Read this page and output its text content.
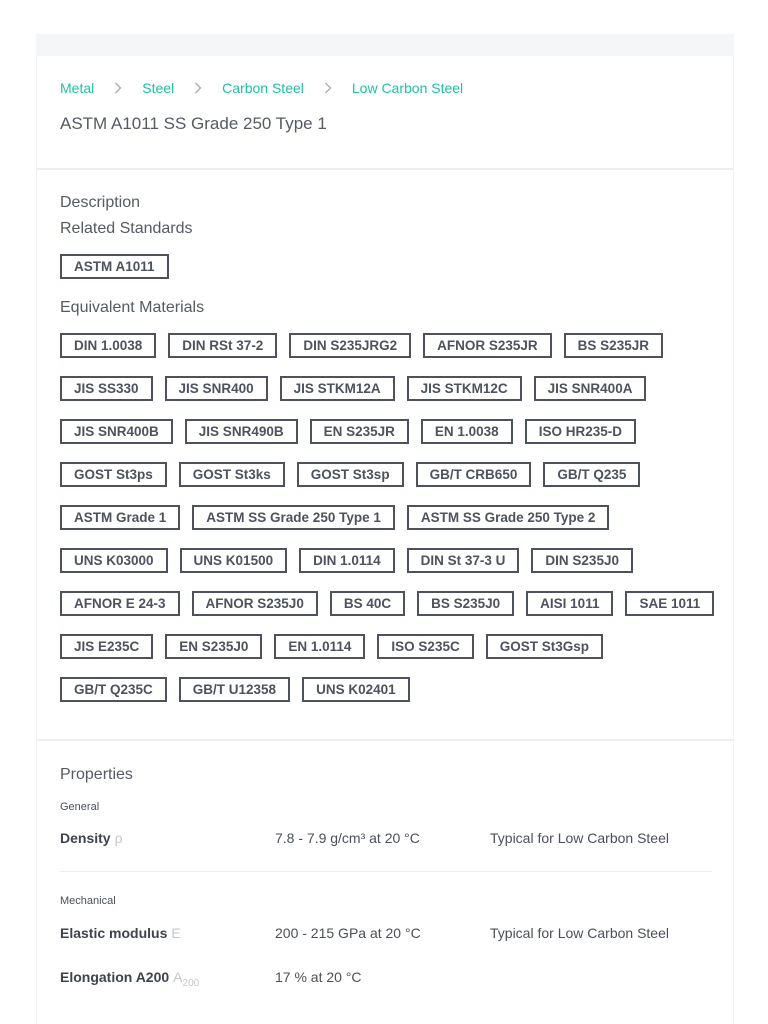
Metal	Steel	Carbon Steel	Low Carbon Steel
ASTM A1011 SS Grade 250 Type 1
Description
Related Standards
ASTM A1011
Equivalent Materials
DIN 1.0038	DIN RSt 37-2	DIN S235JRG2	AFNOR S235JR	BS S235JR
JIS SS330	JIS SNR400	JIS STKM12A	JIS STKM12C	JIS SNR400A
JIS SNR400B	JIS SNR490B	EN S235JR	EN 1.0038	ISO HR235-D
GOST St3ps	GOST St3ks	GOST St3sp	GB/T CRB650	GB/T Q235
ASTM Grade 1	ASTM SS Grade 250 Type 1	ASTM SS Grade 250 Type 2
UNS K03000	UNS K01500	DIN 1.0114	DIN St 37-3 U	DIN S235J0
AFNOR E 24-3	AFNOR S235J0	BS 40C	BS S235J0	AISI 1011	SAE 1011
JIS E235C	EN S235J0	EN 1.0114	ISO S235C	GOST St3Gsp
GB/T Q235C	GB/T U12358	UNS K02401
Properties
General
Density ρ	7.8 - 7.9 g/cm³ at 20 °C	Typical for Low Carbon Steel
Mechanical
Elastic modulus E	200 - 215 GPa at 20 °C	Typical for Low Carbon Steel
Elongation A200 $A_{200}$	17 % at 20 °C
